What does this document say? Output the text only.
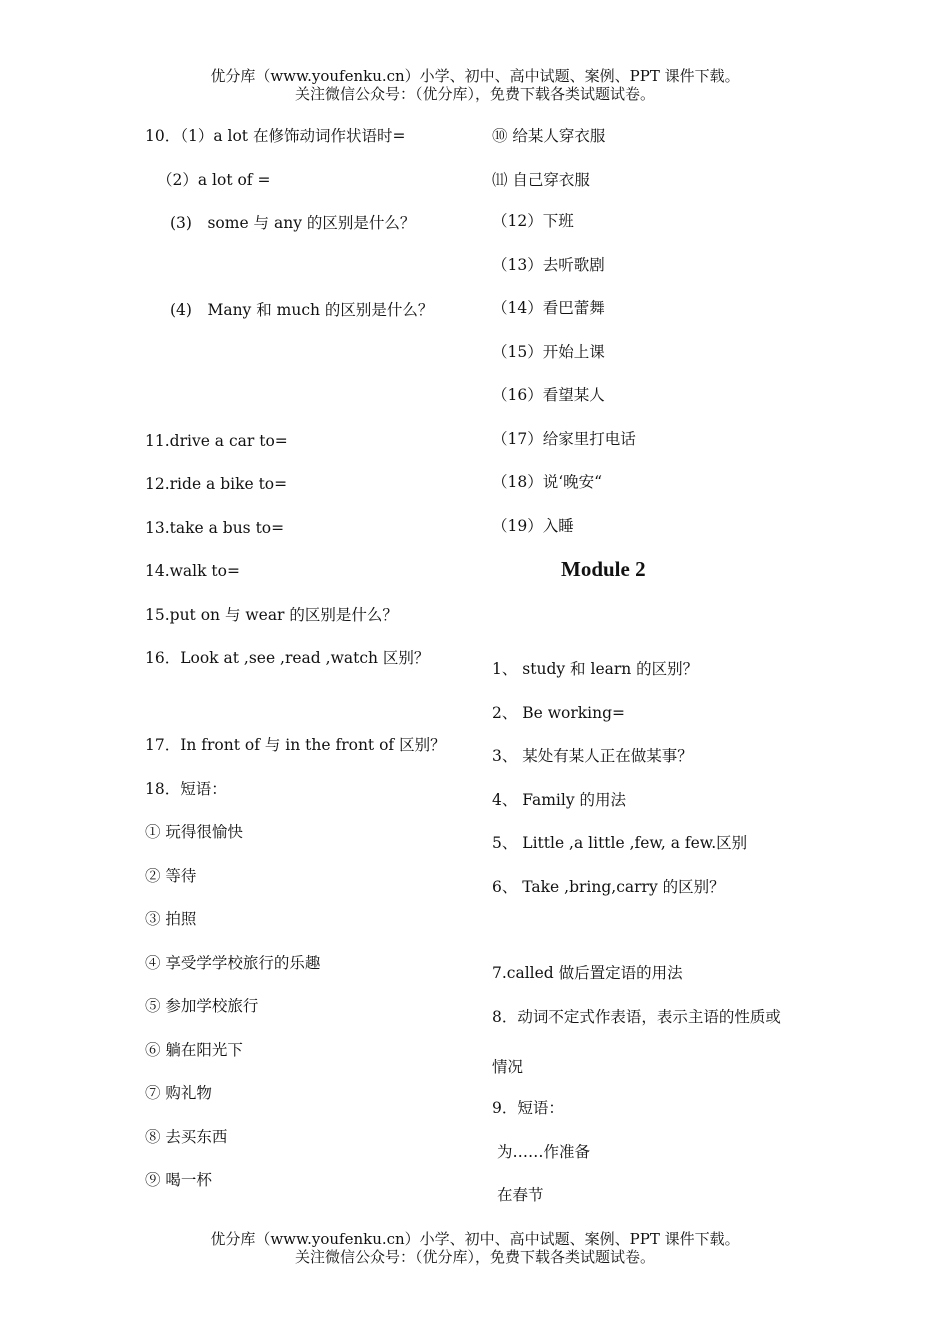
优分库（www.youfenku.cn）小学、初中、高中试题、案例、PPT 课件下载。
关注微信公众号：（优分库），免费下载各类试题试卷。
10．（1）a lot 在修饰动词作状语时=
（2）a lot of =
(3)　some 与 any 的区别是什么？
(4)　Many 和 much 的区别是什么？
11.drive a car to=
12.ride a bike to=
13.take a bus to=
14.walk to=
15.put on 与 wear 的区别是什么？
16．Look at ,see ,read ,watch 区别？
17．In front of 与 in the front of 区别？
18．短语：
① 玩得很愉快
② 等待
③ 拍照
④ 享受学学校旅行的乐趣
⑤ 参加学校旅行
⑥ 躺在阳光下
⑦ 购礼物
⑧ 去买东西
⑨ 喝一杯
⑩ 给某人穿衣服
⑾ 自己穿衣服
（12）下班
（13）去听歌剧
（14）看巴蕾舞
（15）开始上课
（16）看望某人
（17）给家里打电话
（18）说‘晚安“
（19）入睡
Module 2
1、 study 和 learn 的区别？
2、 Be working=
3、 某处有某人正在做某事？
4、 Family 的用法
5、 Little ,a little ,few, a few.区别
6、 Take ,bring,carry 的区别？
7.called 做后置定语的用法
8．动词不定式作表语，表示主语的性质或
情况
9．短语：
为……作准备
在春节
优分库（www.youfenku.cn）小学、初中、高中试题、案例、PPT 课件下载。
关注微信公众号：（优分库），免费下载各类试题试卷。
